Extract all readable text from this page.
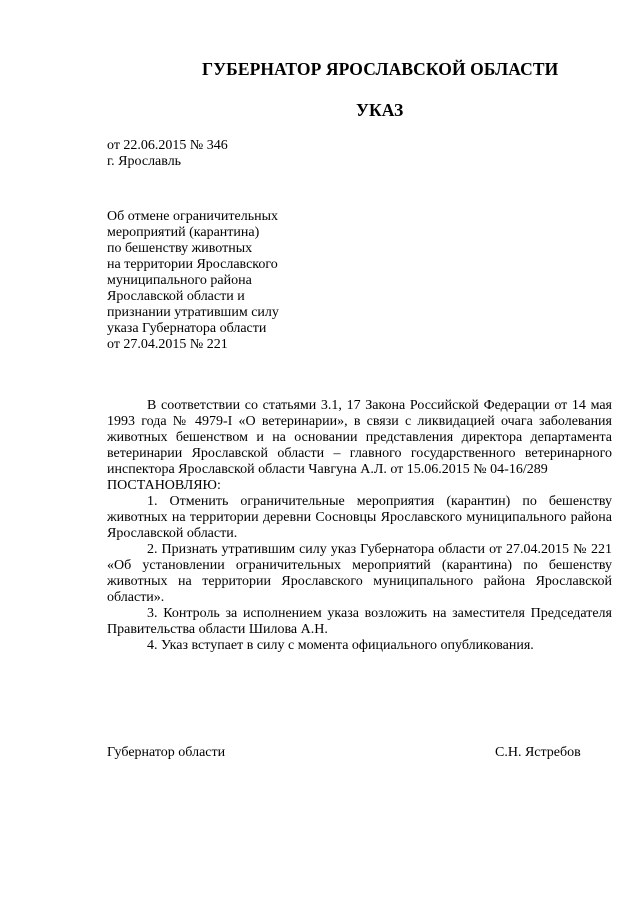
ГУБЕРНАТОР ЯРОСЛАВСКОЙ ОБЛАСТИ
УКАЗ
от 22.06.2015 № 346
г. Ярославль
Об отмене ограничительных
мероприятий (карантина)
по бешенству животных
на территории Ярославского
муниципального района
Ярославской области и
признании утратившим силу
указа Губернатора области
от 27.04.2015 № 221

В соответствии со статьями 3.1, 17 Закона Российской Федерации от 14 мая 1993 года № 4979-I «О ветеринарии», в связи с ликвидацией очага заболевания животных бешенством и на основании представления директора департамента ветеринарии Ярославской области – главного государственного ветеринарного инспектора Ярославской области Чавгуна А.Л. от 15.06.2015 № 04-16/289

ПОСТАНОВЛЯЮ:

1. Отменить ограничительные мероприятия (карантин) по бешенству животных на территории деревни Сосновцы Ярославского муниципального района Ярославской области.

2. Признать утратившим силу указ Губернатора области от 27.04.2015 № 221 «Об установлении ограничительных мероприятий (карантина) по бешенству животных на территории Ярославского муниципального района Ярославской области».

3. Контроль за исполнением указа возложить на заместителя Председателя Правительства области Шилова А.Н.

4. Указ вступает в силу с момента официального опубликования.

Губернатор области	С.Н. Ястребов
